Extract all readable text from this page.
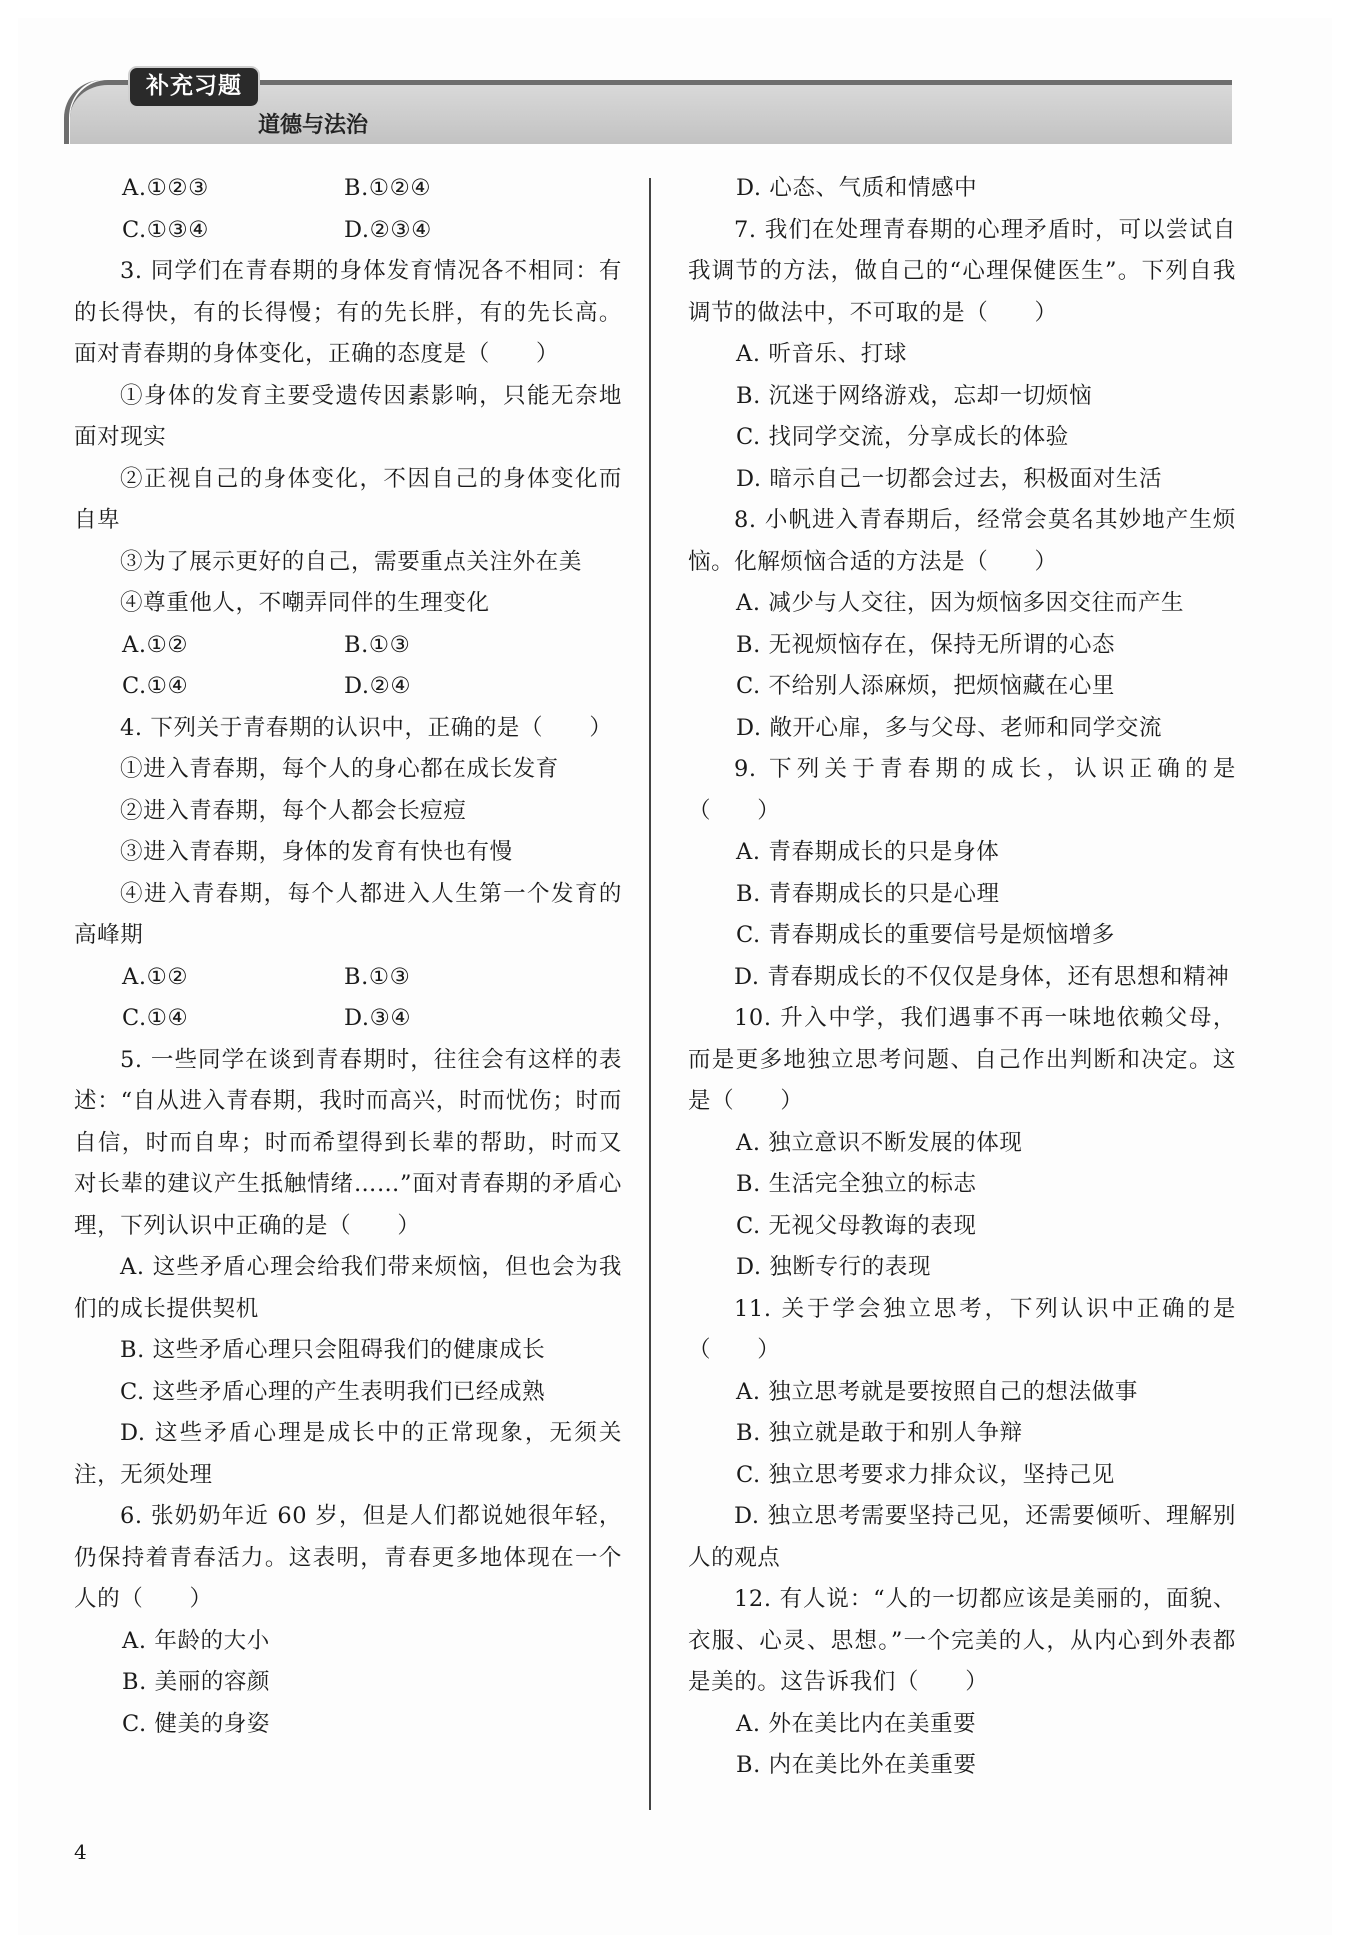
补充习题
道德与法治
A.①②③	B.①②④
C.①③④	D.②③④

3. 同学们在青春期的身体发育情况各不相同：有的长得快，有的长得慢；有的先长胖，有的先长高。面对青春期的身体变化，正确的态度是（　　）

①身体的发育主要受遗传因素影响，只能无奈地面对现实

②正视自己的身体变化，不因自己的身体变化而自卑

③为了展示更好的自己，需要重点关注外在美

④尊重他人，不嘲弄同伴的生理变化

A.①②	B.①③
C.①④	D.②④

4. 下列关于青春期的认识中，正确的是（　　）

①进入青春期，每个人的身心都在成长发育

②进入青春期，每个人都会长痘痘

③进入青春期，身体的发育有快也有慢

④进入青春期，每个人都进入人生第一个发育的高峰期

A.①②	B.①③
C.①④	D.③④

5. 一些同学在谈到青春期时，往往会有这样的表述：“自从进入青春期，我时而高兴，时而忧伤；时而自信，时而自卑；时而希望得到长辈的帮助，时而又对长辈的建议产生抵触情绪……”面对青春期的矛盾心理，下列认识中正确的是（　　）

A. 这些矛盾心理会给我们带来烦恼，但也会为我们的成长提供契机

B. 这些矛盾心理只会阻碍我们的健康成长

C. 这些矛盾心理的产生表明我们已经成熟

D. 这些矛盾心理是成长中的正常现象，无须关注，无须处理

6. 张奶奶年近 60 岁，但是人们都说她很年轻，仍保持着青春活力。这表明，青春更多地体现在一个人的（　　）

A. 年龄的大小

B. 美丽的容颜

C. 健美的身姿

D. 心态、气质和情感中

7. 我们在处理青春期的心理矛盾时，可以尝试自我调节的方法，做自己的“心理保健医生”。下列自我调节的做法中，不可取的是（　　）

A. 听音乐、打球

B. 沉迷于网络游戏，忘却一切烦恼

C. 找同学交流，分享成长的体验

D. 暗示自己一切都会过去，积极面对生活

8. 小帆进入青春期后，经常会莫名其妙地产生烦恼。化解烦恼合适的方法是（　　）

A. 减少与人交往，因为烦恼多因交往而产生

B. 无视烦恼存在，保持无所谓的心态

C. 不给别人添麻烦，把烦恼藏在心里

D. 敞开心扉，多与父母、老师和同学交流

9. 下列关于青春期的成长，认识正确的是（　　）

A. 青春期成长的只是身体

B. 青春期成长的只是心理

C. 青春期成长的重要信号是烦恼增多

D. 青春期成长的不仅仅是身体，还有思想和精神

10. 升入中学，我们遇事不再一味地依赖父母，而是更多地独立思考问题、自己作出判断和决定。这是（　　）

A. 独立意识不断发展的体现

B. 生活完全独立的标志

C. 无视父母教诲的表现

D. 独断专行的表现

11. 关于学会独立思考，下列认识中正确的是（　　）

A. 独立思考就是要按照自己的想法做事

B. 独立就是敢于和别人争辩

C. 独立思考要求力排众议，坚持己见

D. 独立思考需要坚持己见，还需要倾听、理解别人的观点

12. 有人说：“人的一切都应该是美丽的，面貌、衣服、心灵、思想。”一个完美的人，从内心到外表都是美的。这告诉我们（　　）

A. 外在美比内在美重要

B. 内在美比外在美重要

4
